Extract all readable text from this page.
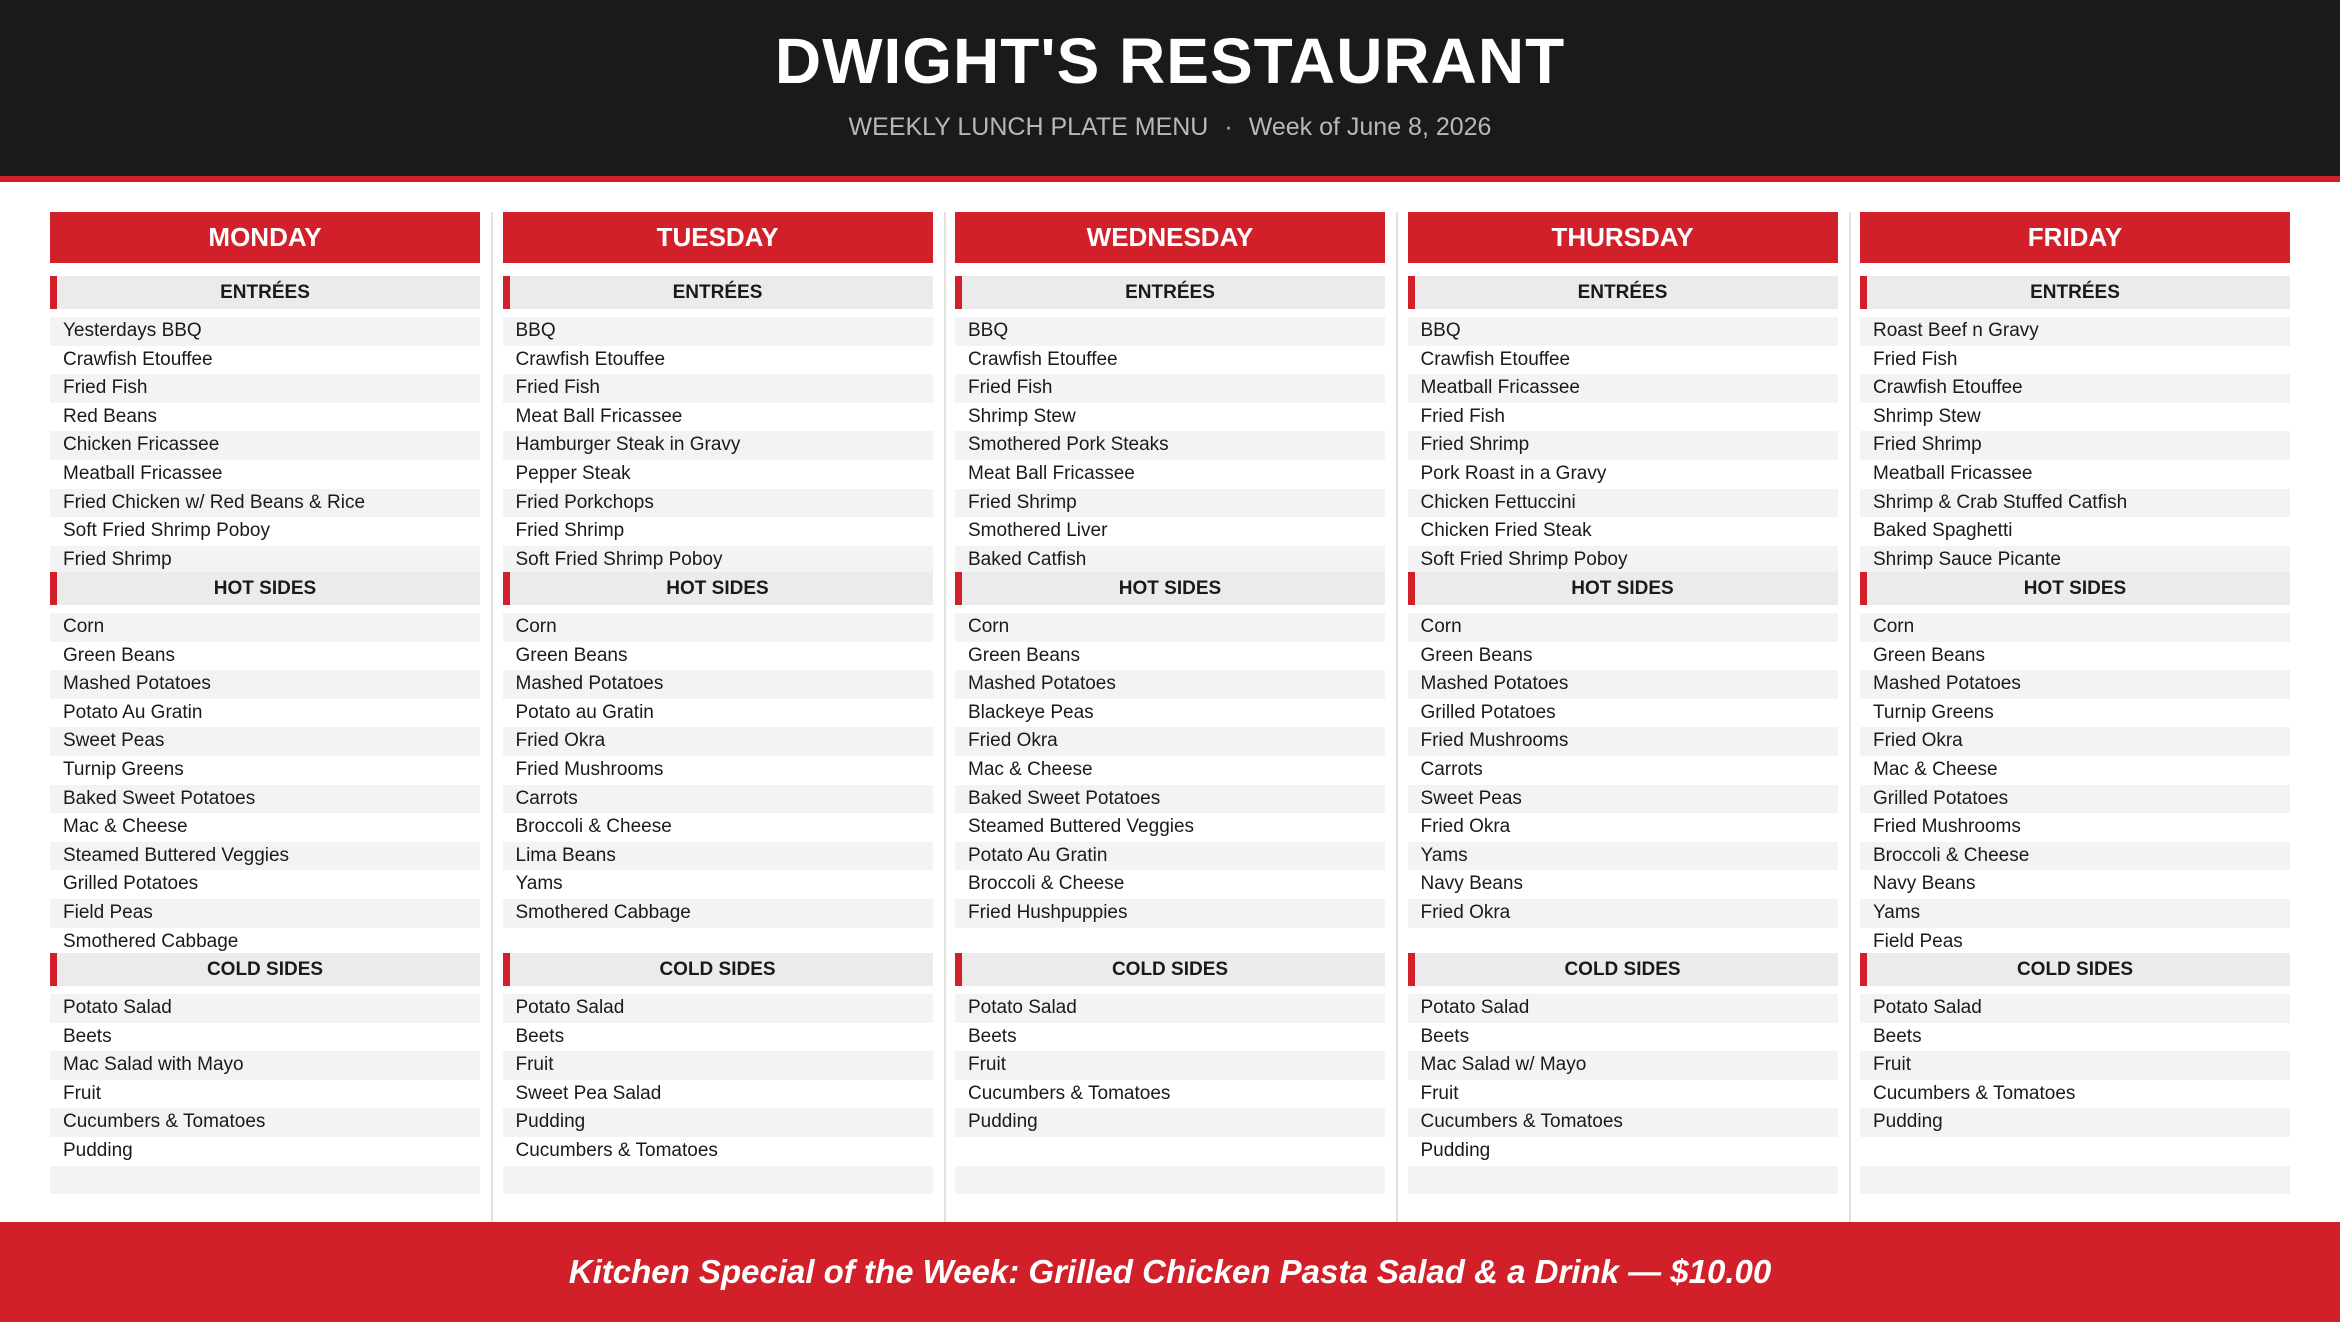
DWIGHT'S RESTAURANT
WEEKLY LUNCH PLATE MENU · Week of June 8, 2026
MONDAY
ENTRÉES
Yesterdays BBQ
Crawfish Etouffee
Fried Fish
Red Beans
Chicken Fricassee
Meatball Fricassee
Fried Chicken w/ Red Beans & Rice
Soft Fried Shrimp Poboy
Fried Shrimp
HOT SIDES
Corn
Green Beans
Mashed Potatoes
Potato Au Gratin
Sweet Peas
Turnip Greens
Baked Sweet Potatoes
Mac & Cheese
Steamed Buttered Veggies
Grilled Potatoes
Field Peas
Smothered Cabbage
COLD SIDES
Potato Salad
Beets
Mac Salad with Mayo
Fruit
Cucumbers & Tomatoes
Pudding
TUESDAY
ENTRÉES
BBQ
Crawfish Etouffee
Fried Fish
Meat Ball Fricassee
Hamburger Steak in Gravy
Pepper Steak
Fried Porkchops
Fried Shrimp
Soft Fried Shrimp Poboy
HOT SIDES
Corn
Green Beans
Mashed Potatoes
Potato au Gratin
Fried Okra
Fried Mushrooms
Carrots
Broccoli & Cheese
Lima Beans
Yams
Smothered Cabbage
COLD SIDES
Potato Salad
Beets
Fruit
Sweet Pea Salad
Pudding
Cucumbers & Tomatoes
WEDNESDAY
ENTRÉES
BBQ
Crawfish Etouffee
Fried Fish
Shrimp Stew
Smothered Pork Steaks
Meat Ball Fricassee
Fried Shrimp
Smothered Liver
Baked Catfish
HOT SIDES
Corn
Green Beans
Mashed Potatoes
Blackeye Peas
Fried Okra
Mac & Cheese
Baked Sweet Potatoes
Steamed Buttered Veggies
Potato Au Gratin
Broccoli & Cheese
Fried Hushpuppies
COLD SIDES
Potato Salad
Beets
Fruit
Cucumbers & Tomatoes
Pudding
THURSDAY
ENTRÉES
BBQ
Crawfish Etouffee
Meatball Fricassee
Fried Fish
Fried Shrimp
Pork Roast in a Gravy
Chicken Fettuccini
Chicken Fried Steak
Soft Fried Shrimp Poboy
HOT SIDES
Corn
Green Beans
Mashed Potatoes
Grilled Potatoes
Fried Mushrooms
Carrots
Sweet Peas
Fried Okra
Yams
Navy Beans
Fried Okra
COLD SIDES
Potato Salad
Beets
Mac Salad w/ Mayo
Fruit
Cucumbers & Tomatoes
Pudding
FRIDAY
ENTRÉES
Roast Beef n Gravy
Fried Fish
Crawfish Etouffee
Shrimp Stew
Fried Shrimp
Meatball Fricassee
Shrimp & Crab Stuffed Catfish
Baked Spaghetti
Shrimp Sauce Picante
HOT SIDES
Corn
Green Beans
Mashed Potatoes
Turnip Greens
Fried Okra
Mac & Cheese
Grilled Potatoes
Fried Mushrooms
Broccoli & Cheese
Navy Beans
Yams
Field Peas
COLD SIDES
Potato Salad
Beets
Fruit
Cucumbers & Tomatoes
Pudding
Kitchen Special of the Week: Grilled Chicken Pasta Salad & a Drink — $10.00
